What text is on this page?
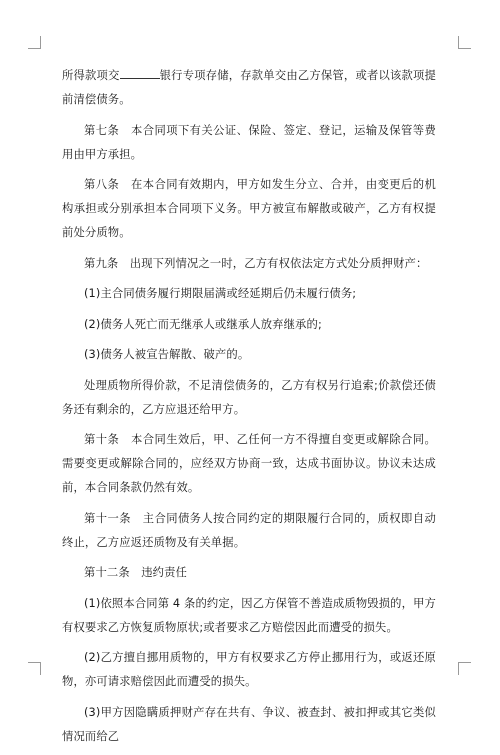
所得款项交	银行专项存储，存款单交由乙方保管，或者以该款项提前清偿债务。

第七条　本合同项下有关公证、保险、签定、登记，运输及保管等费用由甲方承担。

第八条　在本合同有效期内，甲方如发生分立、合并，由变更后的机构承担或分别承担本合同项下义务。甲方被宣布解散或破产，乙方有权提前处分质物。

第九条　出现下列情况之一时，乙方有权依法定方式处分质押财产：

(1)主合同债务履行期限届满或经延期后仍未履行债务;

(2)债务人死亡而无继承人或继承人放弃继承的;

(3)债务人被宣告解散、破产的。

处理质物所得价款，不足清偿债务的，乙方有权另行追索;价款偿还债务还有剩余的，乙方应退还给甲方。

第十条　本合同生效后，甲、乙任何一方不得擅自变更或解除合同。需要变更或解除合同的，应经双方协商一致，达成书面协议。协议未达成前，本合同条款仍然有效。

第十一条　主合同债务人按合同约定的期限履行合同的，质权即自动终止，乙方应返还质物及有关单据。

第十二条　违约责任

(1)依照本合同第 4 条的约定，因乙方保管不善造成质物毁损的，甲方有权要求乙方恢复质物原状;或者要求乙方赔偿因此而遭受的损失。

(2)乙方擅自挪用质物的，甲方有权要求乙方停止挪用行为，或返还原物，亦可请求赔偿因此而遭受的损失。

(3)甲方因隐瞒质押财产存在共有、争议、被查封、被扣押或其它类似情况而给乙
